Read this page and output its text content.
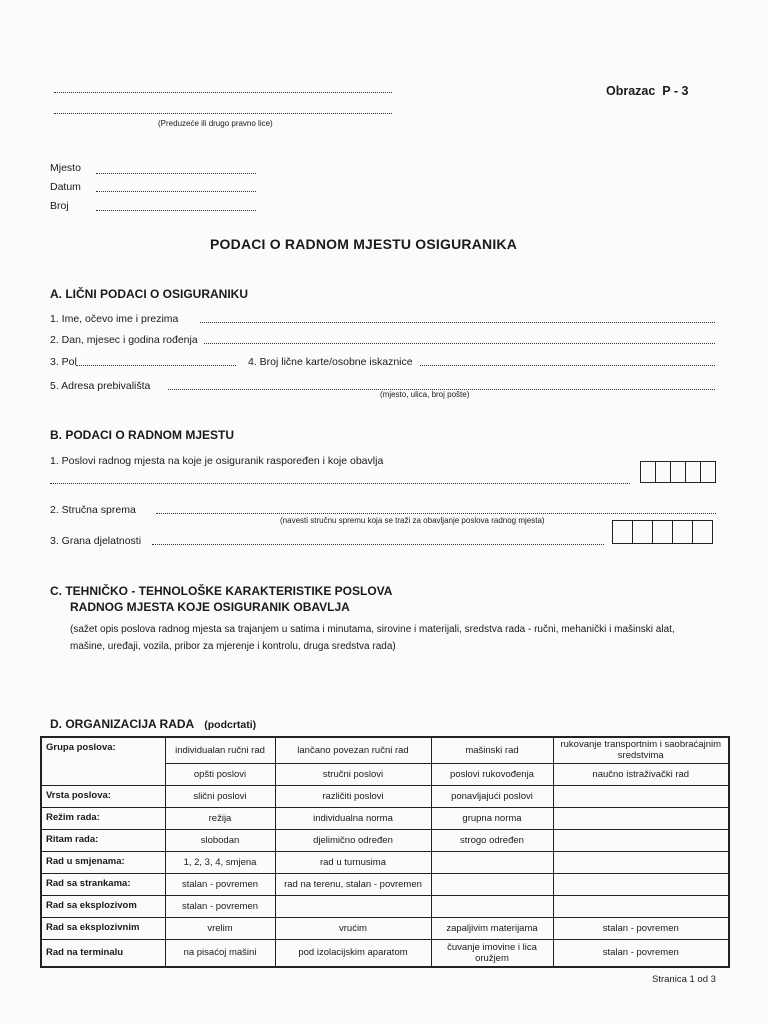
(Preduzeće ili drugo pravno lice)
Obrazac P - 3
Mjesto
Datum
Broj
PODACI O RADNOM MJESTU OSIGURANIKA
A. LIČNI PODACI O OSIGURANIKU
1. Ime, očevo ime i prezima
2. Dan, mjesec i godina rođenja
3. Pol	4. Broj lične karte/osobne iskaznice
5. Adresa prebivališta
(mjesto, ulica, broj pošte)
B. PODACI O RADNOM MJESTU
1. Poslovi radnog mjesta na koje je osiguranik raspoređen i koje obavlja
2. Stručna sprema
(navesti stručnu spremu koja se traži za obavljanje poslova radnog mjesta)
3. Grana djelatnosti
C. TEHNIČKO - TEHNOLOŠKE KARAKTERISTIKE POSLOVA
RADNOG MJESTA KOJE OSIGURANIK OBAVLJA
(sažet opis poslova radnog mjesta sa trajanjem u satima i minutama, sirovine i materijali, sredstva rada - ručni, mehanički i mašinski alat,
mašine, uređaji, vozila, pribor za mjerenje i kontrolu, druga sredstva rada)
D. ORGANIZACIJA RADA (podcrtati)
Grupa poslova:	individualan ručni rad	lančano povezan ručni rad	mašinski rad	rukovanje transportnim i saobraćajnim sredstvima
	opšti poslovi	stručni poslovi	poslovi rukovođenja	naučno istraživački rad
Vrsta poslova:	slični poslovi	različiti poslovi	ponavljajući poslovi	
Režim rada:	režija	individualna norma	grupna norma	
Ritam rada:	slobodan	djelimično određen	strogo određen	
Rad u smjenama:	1, 2, 3, 4, smjena	rad u turnusima		
Rad sa strankama:	stalan - povremen	rad na terenu, stalan - povremen		
Rad sa eksplozivom	stalan - povremen			
Rad sa eksplozivnim	vrelim	vrućim	zapaljivim materijama	stalan - povremen
Rad na terminalu	na pisaćoj mašini	pod izolacijskim aparatom	čuvanje imovine i lica oružjem	stalan - povremen
Stranica 1 od 3
